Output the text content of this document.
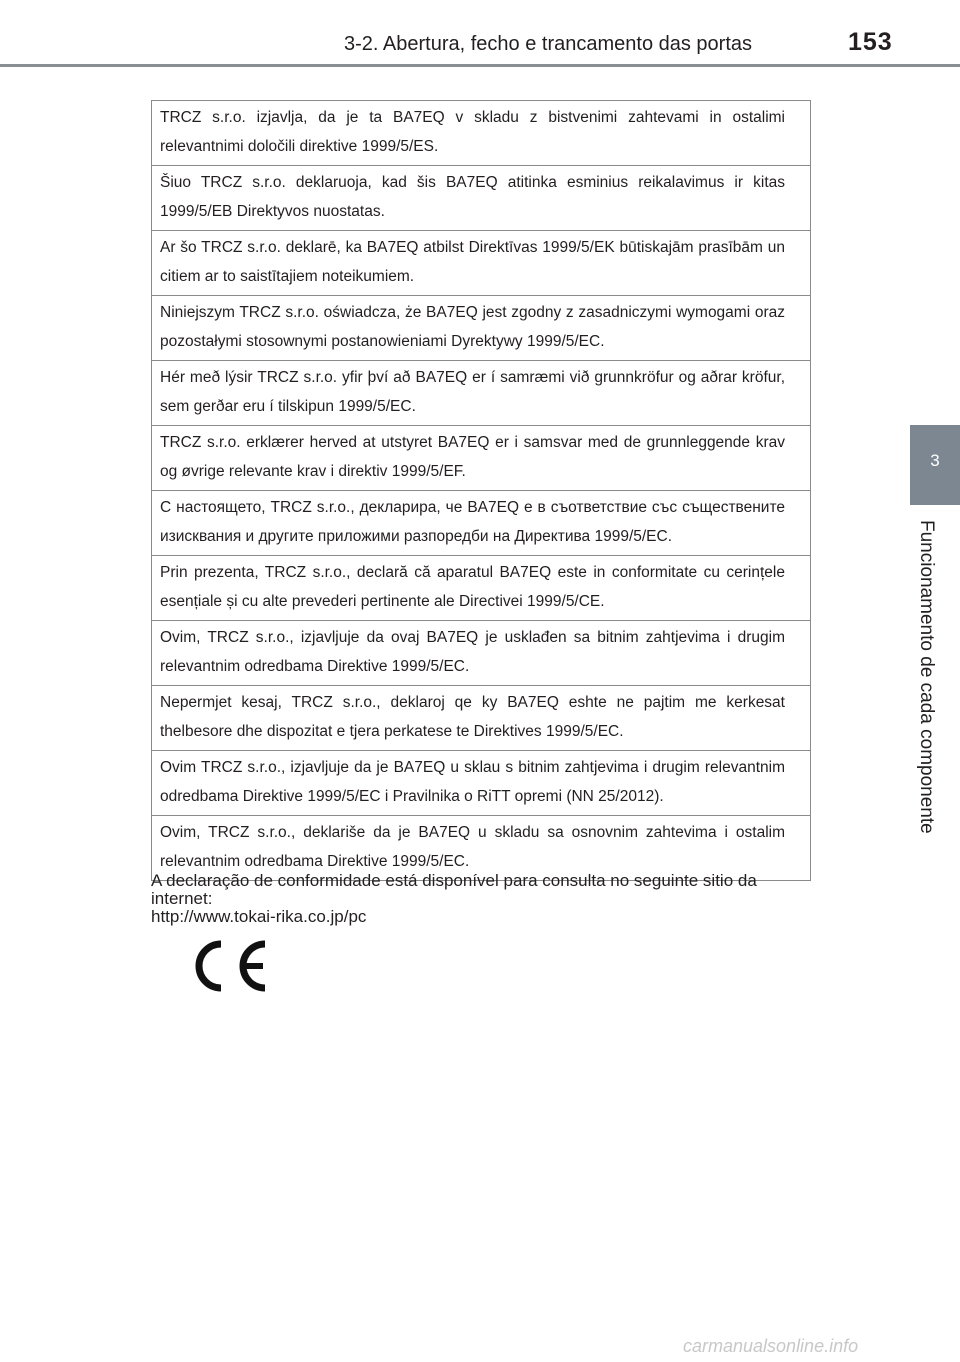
3-2. Abertura, fecho e trancamento das portas	153
3
Funcionamento de cada componente
TRCZ s.r.o. izjavlja, da je ta BA7EQ v skladu z bistvenimi zahtevami in ostalimi relevantnimi določili direktive 1999/5/ES.
Šiuo TRCZ s.r.o. deklaruoja, kad šis BA7EQ atitinka esminius reikalavimus ir kitas 1999/5/EB Direktyvos nuostatas.
Ar šo TRCZ s.r.o. deklarē, ka BA7EQ atbilst Direktīvas 1999/5/EK būtiskajām prasībām un citiem ar to saistītajiem noteikumiem.
Niniejszym TRCZ s.r.o. oświadcza, że BA7EQ jest zgodny z zasadniczymi wymogami oraz pozostałymi stosownymi postanowieniami Dyrektywy 1999/5/EC.
Hér með lýsir TRCZ s.r.o. yfir því að BA7EQ er í samræmi við grunnkröfur og aðrar kröfur, sem gerðar eru í tilskipun 1999/5/EC.
TRCZ s.r.o. erklærer herved at utstyret BA7EQ er i samsvar med de grunnleggende krav og øvrige relevante krav i direktiv 1999/5/EF.
С настоящето, TRCZ s.r.o., декларира, че BA7EQ е в съответствие със съществените изисквания и другите приложими разпоредби на Директива 1999/5/EC.
Prin prezenta, TRCZ s.r.o., declară că aparatul BA7EQ este in conformitate cu cerințele esențiale și cu alte prevederi pertinente ale Directivei 1999/5/CE.
Ovim, TRCZ s.r.o., izjavljuje da ovaj BA7EQ je usklađen sa bitnim zahtjevima i drugim relevantnim odredbama Direktive 1999/5/EC.
Nepermjet kesaj, TRCZ s.r.o., deklaroj qe ky BA7EQ eshte ne pajtim me kerkesat thelbesore dhe dispozitat e tjera perkatese te Direktives 1999/5/EC.
Ovim TRCZ s.r.o., izjavljuje da je BA7EQ u sklau s bitnim zahtjevima i drugim relevantnim odredbama Direktive 1999/5/EC i Pravilnika o RiTT opremi (NN 25/2012).
Ovim, TRCZ s.r.o., deklariše da je BA7EQ u skladu sa osnovnim zahtevima i ostalim relevantnim odredbama Direktive 1999/5/EC.
A declaração de conformidade está disponível para consulta no seguinte sitio da
internet:
http://www.tokai-rika.co.jp/pc
carmanualsonline.info
